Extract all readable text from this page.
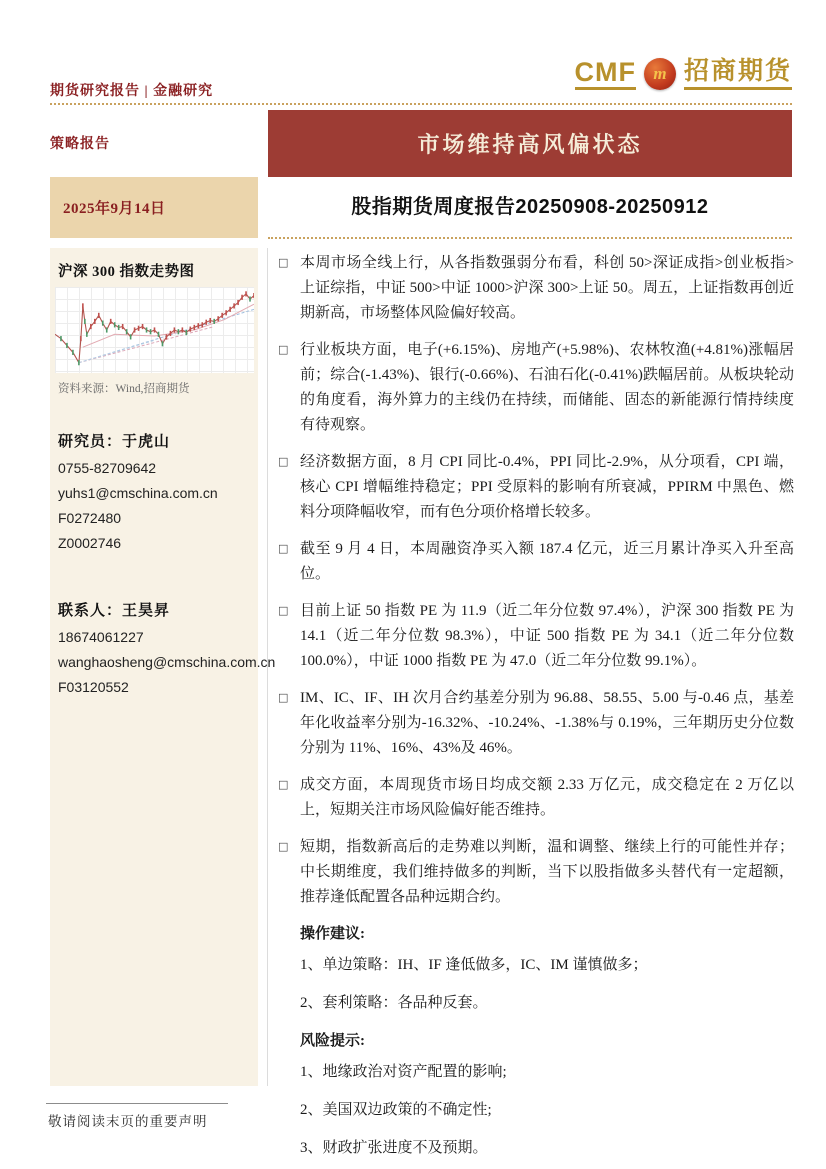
期货研究报告 | 金融研究
CMF m 招商期货
市场维持高风偏状态
策略报告
2025年9月14日	股指期货周度报告20250908-20250912
沪深 300 指数走势图
资料来源：Wind,招商期货
研究员：于虎山
0755-82709642
yuhs1@cmschina.com.cn
F0272480
Z0002746
联系人：王昊昇
18674061227
wanghaosheng@cmschina.com.cn
F03120552
□ 本周市场全线上行，从各指数强弱分布看，科创 50>深证成指>创业板指>上证综指，中证 500>中证 1000>沪深 300>上证 50。周五，上证指数再创近期新高，市场整体风险偏好较高。
□ 行业板块方面，电子(+6.15%)、房地产(+5.98%)、农林牧渔(+4.81%)涨幅居前；综合(-1.43%)、银行(-0.66%)、石油石化(-0.41%)跌幅居前。从板块轮动的角度看，海外算力的主线仍在持续，而储能、固态的新能源行情持续度有待观察。
□ 经济数据方面，8 月 CPI 同比-0.4%，PPI 同比-2.9%，从分项看，CPI 端，核心 CPI 增幅维持稳定；PPI 受原料的影响有所衰减，PPIRM 中黑色、燃料分项降幅收窄，而有色分项价格增长较多。
□ 截至 9 月 4 日，本周融资净买入额 187.4 亿元，近三月累计净买入升至高位。
□ 目前上证 50 指数 PE 为 11.9（近二年分位数 97.4%），沪深 300 指数 PE 为 14.1（近二年分位数 98.3%），中证 500 指数 PE 为 34.1（近二年分位数 100.0%），中证 1000 指数 PE 为 47.0（近二年分位数 99.1%）。
□ IM、IC、IF、IH 次月合约基差分别为 96.88、58.55、5.00 与-0.46 点，基差年化收益率分别为-16.32%、-10.24%、-1.38%与 0.19%，三年期历史分位数分别为 11%、16%、43%及 46%。
□ 成交方面，本周现货市场日均成交额 2.33 万亿元，成交稳定在 2 万亿以上，短期关注市场风险偏好能否维持。
□ 短期，指数新高后的走势难以判断，温和调整、继续上行的可能性并存；中长期维度，我们维持做多的判断，当下以股指做多头替代有一定超额，推荐逢低配置各品种远期合约。
操作建议:
1、单边策略：IH、IF 逢低做多，IC、IM 谨慎做多；
2、套利策略：各品种反套。
风险提示:
1、地缘政治对资产配置的影响;
2、美国双边政策的不确定性;
3、财政扩张进度不及预期。
敬请阅读末页的重要声明
